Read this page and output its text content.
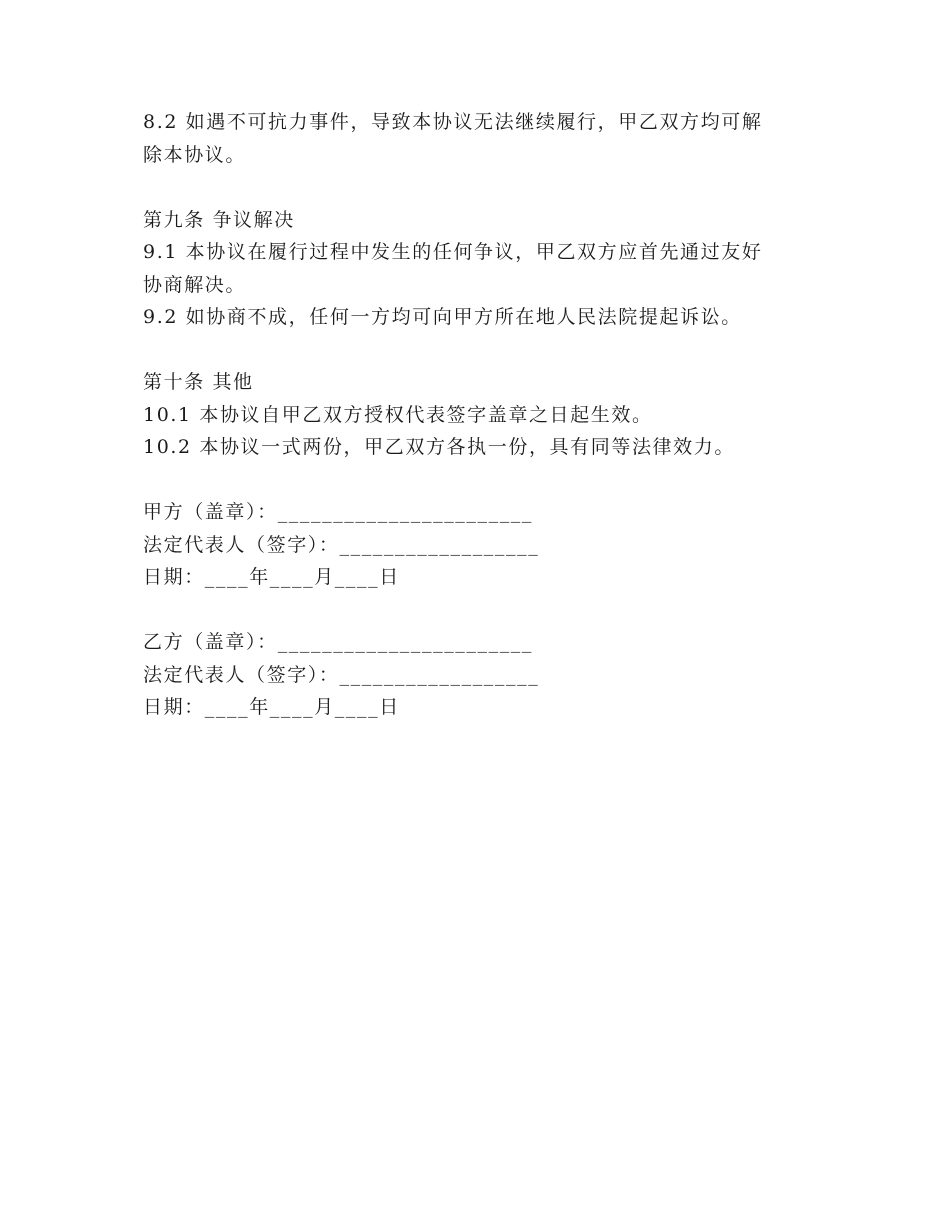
8.2 如遇不可抗力事件，导致本协议无法继续履行，甲乙双方均可解
除本协议。
第九条 争议解决
9.1 本协议在履行过程中发生的任何争议，甲乙双方应首先通过友好
协商解决。
9.2 如协商不成，任何一方均可向甲方所在地人民法院提起诉讼。
第十条 其他
10.1 本协议自甲乙双方授权代表签字盖章之日起生效。
10.2 本协议一式两份，甲乙双方各执一份，具有同等法律效力。
甲方（盖章）：_______________________
法定代表人（签字）：__________________
日期：____年____月____日
乙方（盖章）：_______________________
法定代表人（签字）：__________________
日期：____年____月____日
